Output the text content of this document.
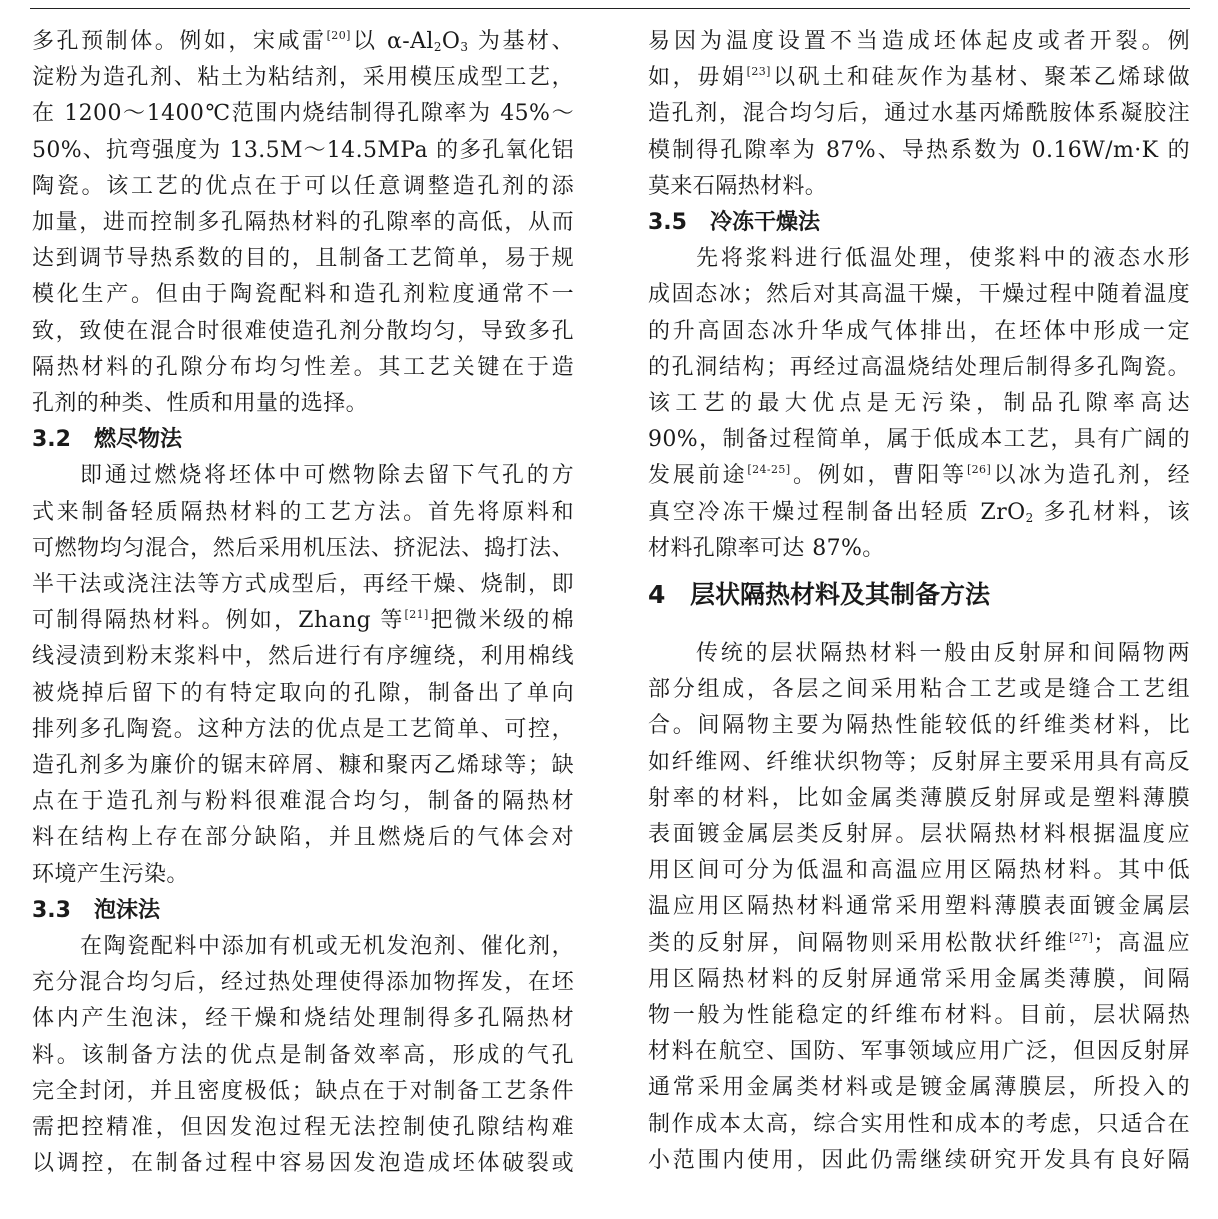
多孔预制体。例如，宋咸雷[20]以 $\alpha-Al_2O_3$ 为基材、
淀粉为造孔剂、粘土为粘结剂，采用模压成型工艺，
在 1200～1400℃范围内烧结制得孔隙率为 45%～
50%、抗弯强度为 13.5M～14.5MPa 的多孔氧化铝
陶瓷。该工艺的优点在于可以任意调整造孔剂的添
加量，进而控制多孔隔热材料的孔隙率的高低，从而
达到调节导热系数的目的，且制备工艺简单，易于规
模化生产。但由于陶瓷配料和造孔剂粒度通常不一
致，致使在混合时很难使造孔剂分散均匀，导致多孔
隔热材料的孔隙分布均匀性差。其工艺关键在于造
孔剂的种类、性质和用量的选择。
3.2 燃尽物法
即通过燃烧将坯体中可燃物除去留下气孔的方
式来制备轻质隔热材料的工艺方法。首先将原料和
可燃物均匀混合，然后采用机压法、挤泥法、捣打法、
半干法或浇注法等方式成型后，再经干燥、烧制，即
可制得隔热材料。例如，Zhang 等[21]把微米级的棉
线浸渍到粉末浆料中，然后进行有序缠绕，利用棉线
被烧掉后留下的有特定取向的孔隙，制备出了单向
排列多孔陶瓷。这种方法的优点是工艺简单、可控，
造孔剂多为廉价的锯末碎屑、糠和聚丙乙烯球等；缺
点在于造孔剂与粉料很难混合均匀，制备的隔热材
料在结构上存在部分缺陷，并且燃烧后的气体会对
环境产生污染。
3.3 泡沫法
在陶瓷配料中添加有机或无机发泡剂、催化剂，
充分混合均匀后，经过热处理使得添加物挥发，在坯
体内产生泡沫，经干燥和烧结处理制得多孔隔热材
料。该制备方法的优点是制备效率高，形成的气孔
完全封闭，并且密度极低；缺点在于对制备工艺条件
需把控精准，但因发泡过程无法控制使孔隙结构难
以调控，在制备过程中容易因发泡造成坯体破裂或
易因为温度设置不当造成坯体起皮或者开裂。例
如，毋娟[23]以矾土和硅灰作为基材、聚苯乙烯球做
造孔剂，混合均匀后，通过水基丙烯酰胺体系凝胶注
模制得孔隙率为 87%、导热系数为 0.16W/m·K 的
莫来石隔热材料。
3.5 冷冻干燥法
先将浆料进行低温处理，使浆料中的液态水形
成固态冰；然后对其高温干燥，干燥过程中随着温度
的升高固态冰升华成气体排出，在坯体中形成一定
的孔洞结构；再经过高温烧结处理后制得多孔陶瓷。
该工艺的最大优点是无污染，制品孔隙率高达
90%，制备过程简单，属于低成本工艺，具有广阔的
发展前途[24-25]。例如，曹阳等[26]以冰为造孔剂，经
真空冷冻干燥过程制备出轻质 ZrO$_2$ 多孔材料，该
材料孔隙率可达 87%。
4 层状隔热材料及其制备方法
传统的层状隔热材料一般由反射屏和间隔物两
部分组成，各层之间采用粘合工艺或是缝合工艺组
合。间隔物主要为隔热性能较低的纤维类材料，比
如纤维网、纤维状织物等；反射屏主要采用具有高反
射率的材料，比如金属类薄膜反射屏或是塑料薄膜
表面镀金属层类反射屏。层状隔热材料根据温度应
用区间可分为低温和高温应用区隔热材料。其中低
温应用区隔热材料通常采用塑料薄膜表面镀金属层
类的反射屏，间隔物则采用松散状纤维[27]；高温应
用区隔热材料的反射屏通常采用金属类薄膜，间隔
物一般为性能稳定的纤维布材料。目前，层状隔热
材料在航空、国防、军事领域应用广泛，但因反射屏
通常采用金属类材料或是镀金属薄膜层，所投入的
制作成本太高，综合实用性和成本的考虑，只适合在
小范围内使用，因此仍需继续研究开发具有良好隔
